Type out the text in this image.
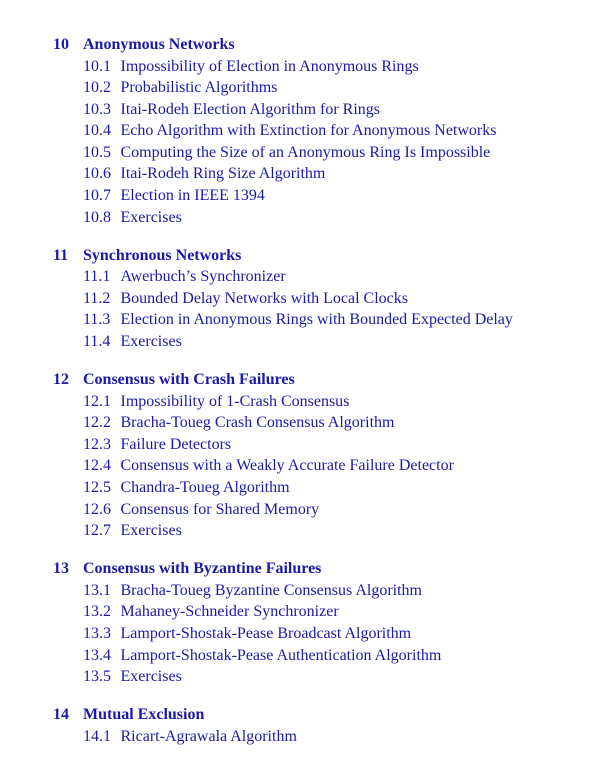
10 Anonymous Networks
10.1 Impossibility of Election in Anonymous Rings
10.2 Probabilistic Algorithms
10.3 Itai-Rodeh Election Algorithm for Rings
10.4 Echo Algorithm with Extinction for Anonymous Networks
10.5 Computing the Size of an Anonymous Ring Is Impossible
10.6 Itai-Rodeh Ring Size Algorithm
10.7 Election in IEEE 1394
10.8 Exercises
11 Synchronous Networks
11.1 Awerbuch’s Synchronizer
11.2 Bounded Delay Networks with Local Clocks
11.3 Election in Anonymous Rings with Bounded Expected Delay
11.4 Exercises
12 Consensus with Crash Failures
12.1 Impossibility of 1-Crash Consensus
12.2 Bracha-Toueg Crash Consensus Algorithm
12.3 Failure Detectors
12.4 Consensus with a Weakly Accurate Failure Detector
12.5 Chandra-Toueg Algorithm
12.6 Consensus for Shared Memory
12.7 Exercises
13 Consensus with Byzantine Failures
13.1 Bracha-Toueg Byzantine Consensus Algorithm
13.2 Mahaney-Schneider Synchronizer
13.3 Lamport-Shostak-Pease Broadcast Algorithm
13.4 Lamport-Shostak-Pease Authentication Algorithm
13.5 Exercises
14 Mutual Exclusion
14.1 Ricart-Agrawala Algorithm
